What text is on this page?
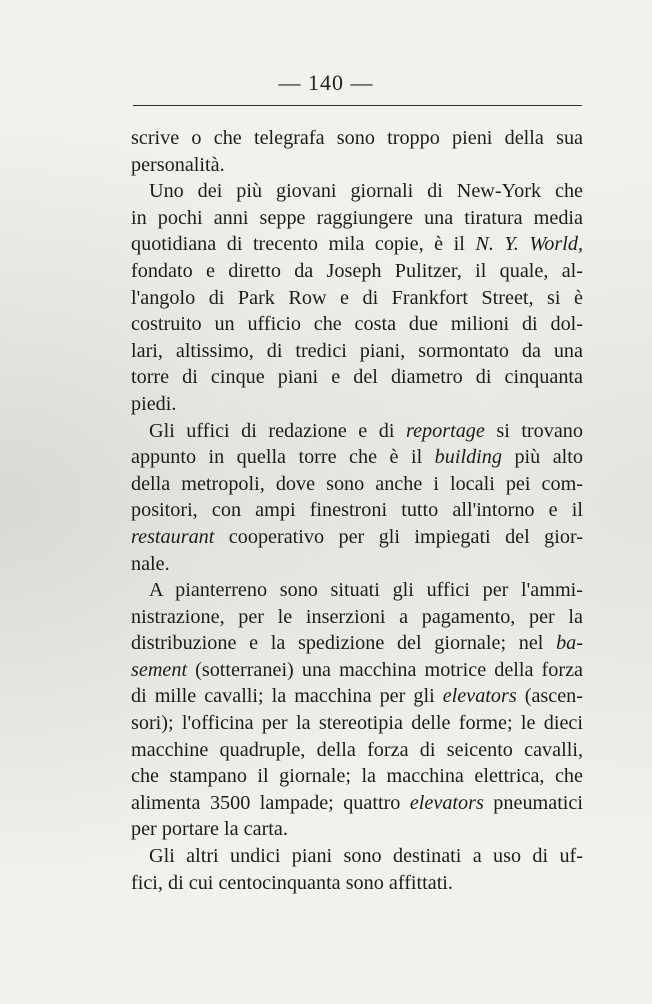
— 140 —
scrive o che telegrafa sono troppo pieni della sua
personalità.
Uno dei più giovani giornali di New-York che
in pochi anni seppe raggiungere una tiratura media
quotidiana di trecento mila copie, è il N. Y. World,
fondato e diretto da Joseph Pulitzer, il quale, al-
l'angolo di Park Row e di Frankfort Street, si è
costruito un ufficio che costa due milioni di dol-
lari, altissimo, di tredici piani, sormontato da una
torre di cinque piani e del diametro di cinquanta
piedi.
Gli uffici di redazione e di reportage si trovano
appunto in quella torre che è il building più alto
della metropoli, dove sono anche i locali pei com-
positori, con ampi finestroni tutto all'intorno e il
restaurant cooperativo per gli impiegati del gior-
nale.
A pianterreno sono situati gli uffici per l'ammi-
nistrazione, per le inserzioni a pagamento, per la
distribuzione e la spedizione del giornale; nel ba-
sement (sotterranei) una macchina motrice della forza
di mille cavalli; la macchina per gli elevators (ascen-
sori); l'officina per la stereotipia delle forme; le dieci
macchine quadruple, della forza di seicento cavalli,
che stampano il giornale; la macchina elettrica, che
alimenta 3500 lampade; quattro elevators pneumatici
per portare la carta.
Gli altri undici piani sono destinati a uso di uf-
fici, di cui centocinquanta sono affittati.
